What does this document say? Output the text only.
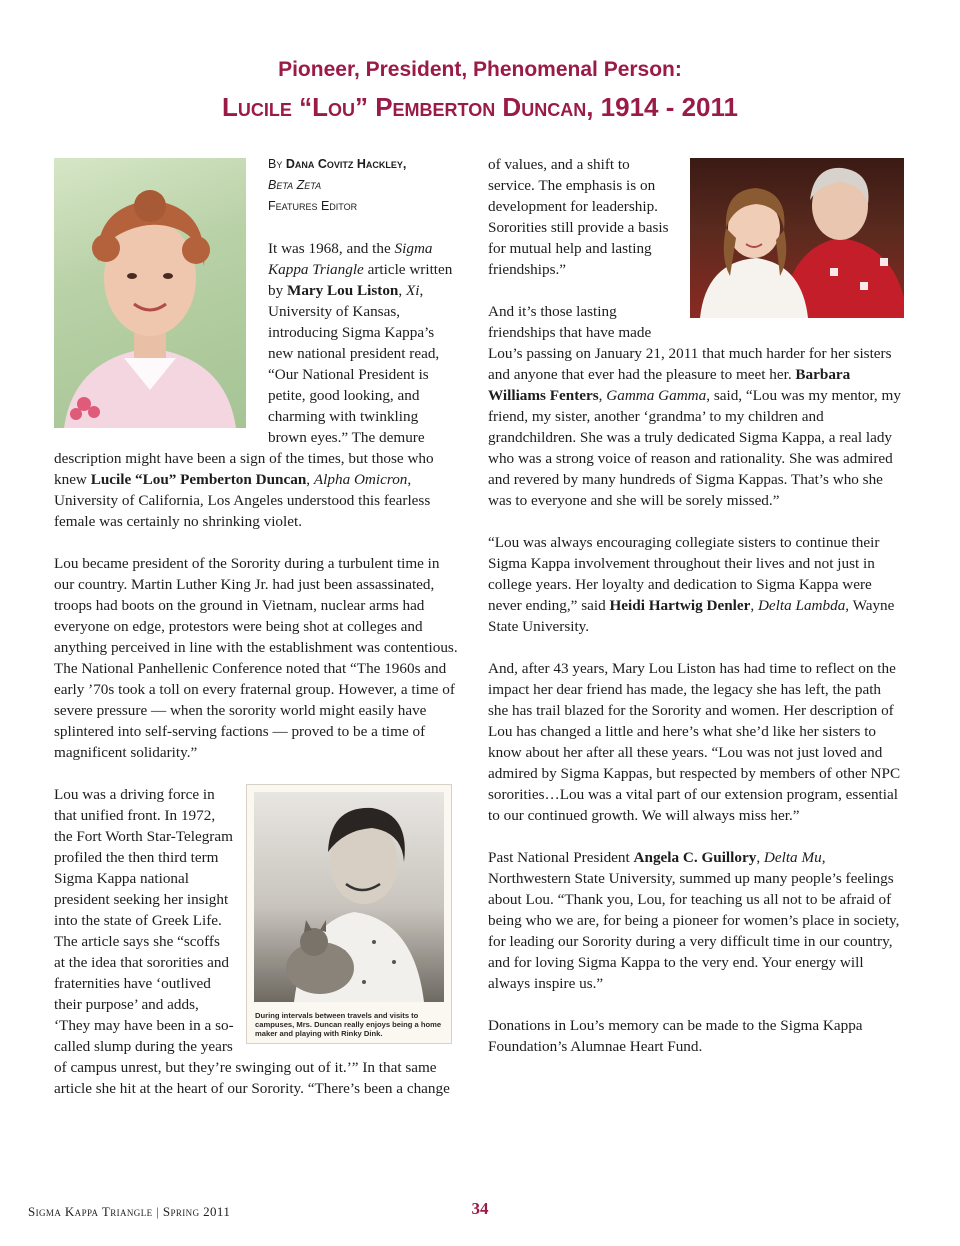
Pioneer, President, Phenomenal Person:
Lucile “Lou” Pemberton Duncan, 1914 - 2011
By Dana Covitz Hackley,
Beta Zeta
Features Editor

It was 1968, and the Sigma Kappa Triangle article written by Mary Lou Liston, Xi, University of Kansas, introducing Sigma Kappa’s new national president read, “Our National President is petite, good looking, and charming with twinkling brown eyes.” The demure description might have been a sign of the times, but those who knew Lucile “Lou” Pemberton Duncan, Alpha Omicron, University of California, Los Angeles understood this fearless female was certainly no shrinking violet.

Lou became president of the Sorority during a turbulent time in our country. Martin Luther King Jr. had just been assassinated, troops had boots on the ground in Vietnam, nuclear arms had everyone on edge, protestors were being shot at colleges and anything perceived in line with the establishment was contentious. The National Panhellenic Conference noted that “The 1960s and early ’70s took a toll on every fraternal group. However, a time of severe pressure — when the sorority world might easily have splintered into self-serving factions — proved to be a time of magnificent solidarity.”

During intervals between travels and visits to campuses, Mrs. Duncan really enjoys being a home maker and playing with Rinky Dink.

Lou was a driving force in that unified front. In 1972, the Fort Worth Star-Telegram profiled the then third term Sigma Kappa national president seeking her insight into the state of Greek Life. The article says she “scoffs at the idea that sororities and fraternities have ‘outlived their purpose’ and adds, ‘They may have been in a so-called slump during the years of campus unrest, but they’re swinging out of it.’” In that same article she hit at the heart of our Sorority. “There’s been a change

of values, and a shift to service. The emphasis is on development for leadership. Sororities still provide a basis for mutual help and lasting friendships.”

And it’s those lasting friendships that have made Lou’s passing on January 21, 2011 that much harder for her sisters and anyone that ever had the pleasure to meet her. Barbara Williams Fenters, Gamma Gamma, said, “Lou was my mentor, my friend, my sister, another ‘grandma’ to my children and grandchildren. She was a truly dedicated Sigma Kappa, a real lady who was a strong voice of reason and rationality. She was admired and revered by many hundreds of Sigma Kappas. That’s who she was to everyone and she will be sorely missed.”

“Lou was always encouraging collegiate sisters to continue their Sigma Kappa involvement throughout their lives and not just in college years. Her loyalty and dedication to Sigma Kappa were never ending,” said Heidi Hartwig Denler, Delta Lambda, Wayne State University.

And, after 43 years, Mary Lou Liston has had time to reflect on the impact her dear friend has made, the legacy she has left, the path she has trail blazed for the Sorority and women. Her description of Lou has changed a little and here’s what she’d like her sisters to know about her after all these years. “Lou was not just loved and admired by Sigma Kappas, but respected by members of other NPC sororities…Lou was a vital part of our extension program, essential to our continued growth. We will always miss her.”

Past National President Angela C. Guillory, Delta Mu, Northwestern State University, summed up many people’s feelings about Lou. “Thank you, Lou, for teaching us all not to be afraid of being who we are, for being a pioneer for women’s place in society, for leading our Sorority during a very difficult time in our country, and for loving Sigma Kappa to the very end. Your energy will always inspire us.”

Donations in Lou’s memory can be made to the Sigma Kappa Foundation’s Alumnae Heart Fund.

Sigma Kappa Triangle | Spring 2011	34
